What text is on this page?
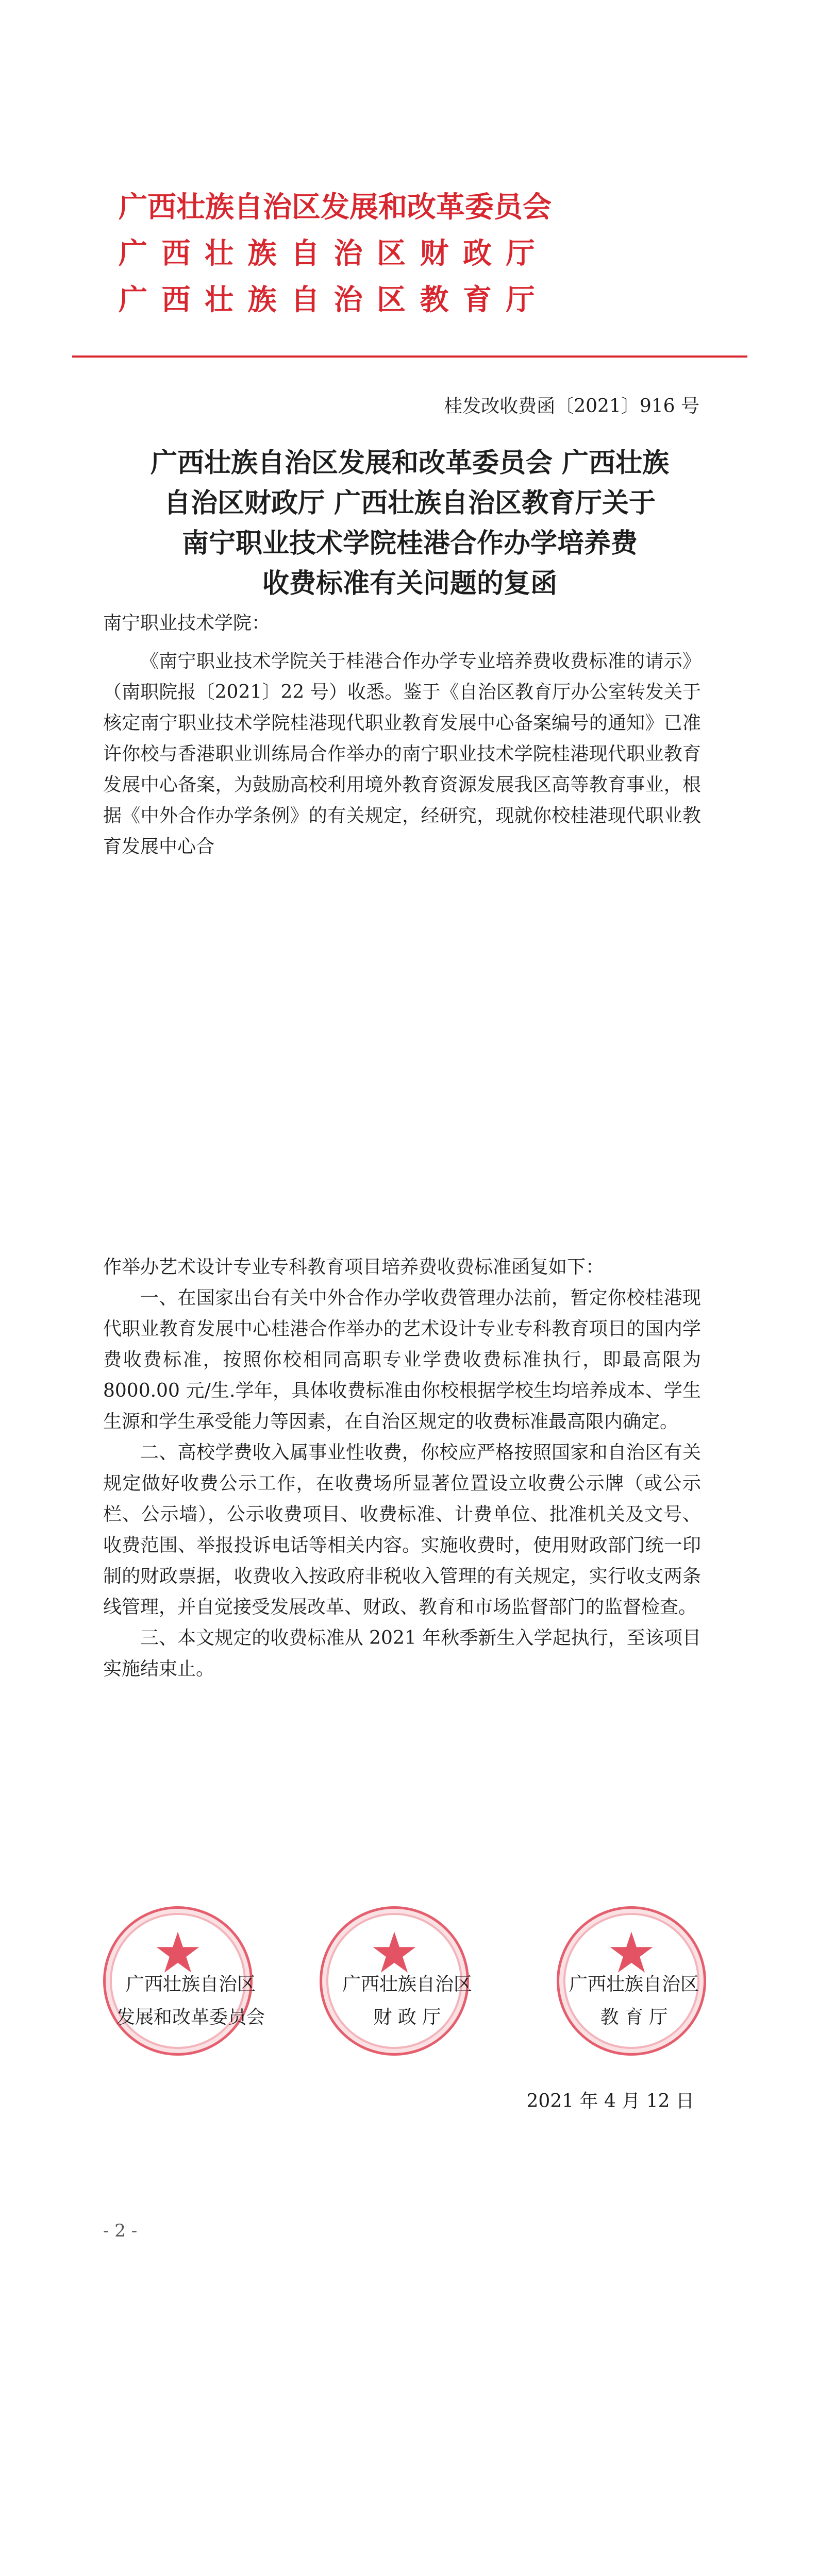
广西壮族自治区发展和改革委员会
广 西 壮 族 自 治 区 财 政 厅
广 西 壮 族 自 治 区 教 育 厅
桂发改收费函〔2021〕916 号
广西壮族自治区发展和改革委员会 广西壮族
自治区财政厅 广西壮族自治区教育厅关于
南宁职业技术学院桂港合作办学培养费
收费标准有关问题的复函

南宁职业技术学院：

《南宁职业技术学院关于桂港合作办学专业培养费收费标准的请示》（南职院报〔2021〕22 号）收悉。鉴于《自治区教育厅办公室转发关于核定南宁职业技术学院桂港现代职业教育发展中心备案编号的通知》已准许你校与香港职业训练局合作举办的南宁职业技术学院桂港现代职业教育发展中心备案，为鼓励高校利用境外教育资源发展我区高等教育事业，根据《中外合作办学条例》的有关规定，经研究，现就你校桂港现代职业教育发展中心合

作举办艺术设计专业专科教育项目培养费收费标准函复如下：

一、在国家出台有关中外合作办学收费管理办法前，暂定你校桂港现代职业教育发展中心桂港合作举办的艺术设计专业专科教育项目的国内学费收费标准，按照你校相同高职专业学费收费标准执行，即最高限为 8000.00 元/生.学年，具体收费标准由你校根据学校生均培养成本、学生生源和学生承受能力等因素，在自治区规定的收费标准最高限内确定。

二、高校学费收入属事业性收费，你校应严格按照国家和自治区有关规定做好收费公示工作，在收费场所显著位置设立收费公示牌（或公示栏、公示墙），公示收费项目、收费标准、计费单位、批准机关及文号、收费范围、举报投诉电话等相关内容。实施收费时，使用财政部门统一印制的财政票据，收费收入按政府非税收入管理的有关规定，实行收支两条线管理，并自觉接受发展改革、财政、教育和市场监督部门的监督检查。

三、本文规定的收费标准从 2021 年秋季新生入学起执行，至该项目实施结束止。

广西壮族自治区
发展和改革委员会
广西壮族自治区
财 政 厅
广西壮族自治区
教 育 厅
2021 年 4 月 12 日
- 2 -
